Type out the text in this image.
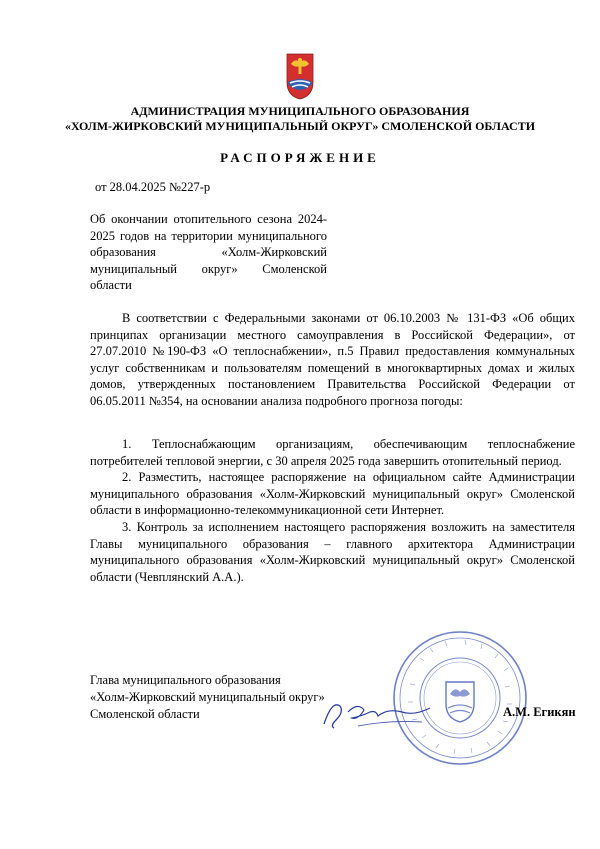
АДМИНИСТРАЦИЯ МУНИЦИПАЛЬНОГО ОБРАЗОВАНИЯ
«ХОЛМ-ЖИРКОВСКИЙ МУНИЦИПАЛЬНЫЙ ОКРУГ» СМОЛЕНСКОЙ ОБЛАСТИ
РАСПОРЯЖЕНИЕ
от 28.04.2025 №227-р
Об окончании отопительного сезона 2024-2025 годов на территории муниципального образования «Холм-Жирковский муниципальный округ» Смоленской области

В соответствии с Федеральными законами от 06.10.2003 № 131-ФЗ «Об общих принципах организации местного самоуправления в Российской Федерации», от 27.07.2010 №190-ФЗ «О теплоснабжении», п.5 Правил предоставления коммунальных услуг собственникам и пользователям помещений в многоквартирных домах и жилых домов, утвержденных постановлением Правительства Российской Федерации от 06.05.2011 №354, на основании анализа подробного прогноза погоды:

1. Теплоснабжающим организациям, обеспечивающим теплоснабжение потребителей тепловой энергии, с 30 апреля 2025 года завершить отопительный период.

2. Разместить, настоящее распоряжение на официальном сайте Администрации муниципального образования «Холм-Жирковский муниципальный округ» Смоленской области в информационно-телекоммуникационной сети Интернет.

3. Контроль за исполнением настоящего распоряжения возложить на заместителя Главы муниципального образования – главного архитектора Администрации муниципального образования «Холм-Жирковский муниципальный округ» Смоленской области (Чевплянский А.А.).

Глава муниципального образования
«Холм-Жирковский муниципальный округ»
Смоленской области	А.М. Егикян
